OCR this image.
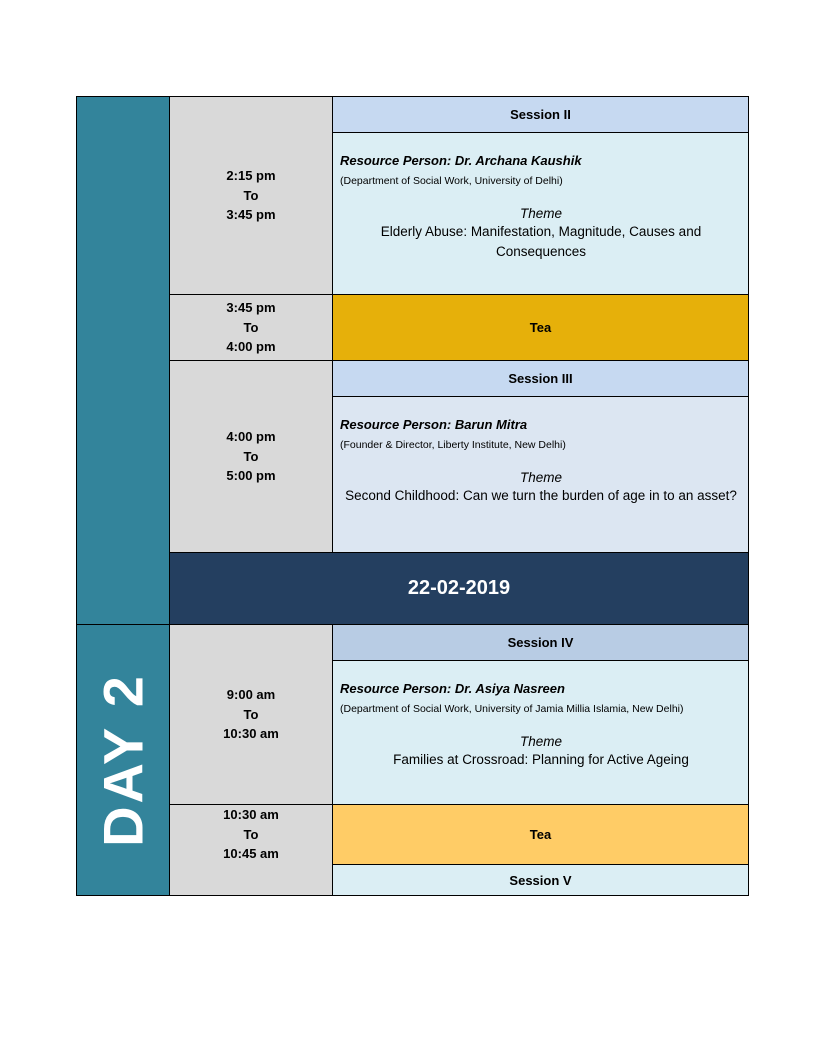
DAY 2
2:15 pm
To
3:45 pm
Session II
Resource Person: Dr. Archana Kaushik
(Department of Social Work, University of Delhi)
Theme
Elderly Abuse: Manifestation, Magnitude, Causes and Consequences
3:45 pm
To
4:00 pm
Tea
4:00 pm
To
5:00 pm
Session III
Resource Person: Barun Mitra
(Founder & Director, Liberty Institute, New Delhi)
Theme
Second Childhood: Can we turn the burden of age in to an asset?
22-02-2019
9:00 am
To
10:30 am
Session IV
Resource Person: Dr. Asiya Nasreen
(Department of Social Work, University of Jamia Millia Islamia, New Delhi)
Theme
Families at Crossroad: Planning for Active Ageing
10:30 am
To
10:45 am
Tea
Session V
